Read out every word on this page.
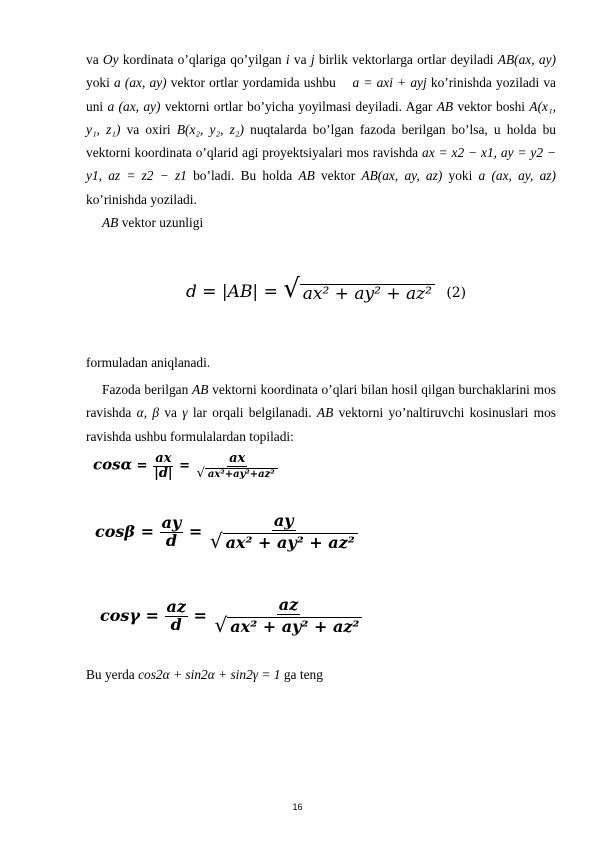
va Oy kordinata o’qlariga qo’yilgan i va j birlik vektorlarga ortlar deyiladi AB(ax, ay) yoki a (ax, ay) vektor ortlar yordamida ushbu a = axi + ayj ko’rinishda yoziladi va uni a (ax, ay) vektorni ortlar bo’yicha yoyilmasi deyiladi. Agar AB vektor boshi A(x₁, y₁, z₁) va oxiri B(x₂, y₂, z₂) nuqtalarda bo’lgan fazoda berilgan bo’lsa, u holda bu vektorni koordinata o’qlarid agi proyektsiyalari mos ravishda ax = x2 − x1, ay = y2 − y1, az = z2 − z1 bo’ladi. Bu holda AB vektor AB(ax, ay, az) yoki a (ax, ay, az) ko’rinishda yoziladi.

AB vektor uzunligi

d = |AB| = √ ax² + ay² + az² (2)

formuladan aniqlanadi.

Fazoda berilgan AB vektorni koordinata o’qlari bilan hosil qilgan burchaklarini mos ravishda α, β va γ lar orqali belgilanadi. AB vektorni yo’naltiruvchi kosinuslari mos ravishda ushbu formulalardan topiladi:

$\cos\alpha = \frac{ax}{|d|} = \frac{ax}{\text{√ ax²+ay²+az²}}$
$\cos\beta = \frac{ay}{d} = \frac{ay}{\text{√ ax² + ay² + az²}}$
$\cos\gamma = \frac{az}{d} = \frac{az}{\text{√ ax² + ay² + az²}}$

Bu yerda cos2α + sin2α + sin2γ = 1 ga teng

16
